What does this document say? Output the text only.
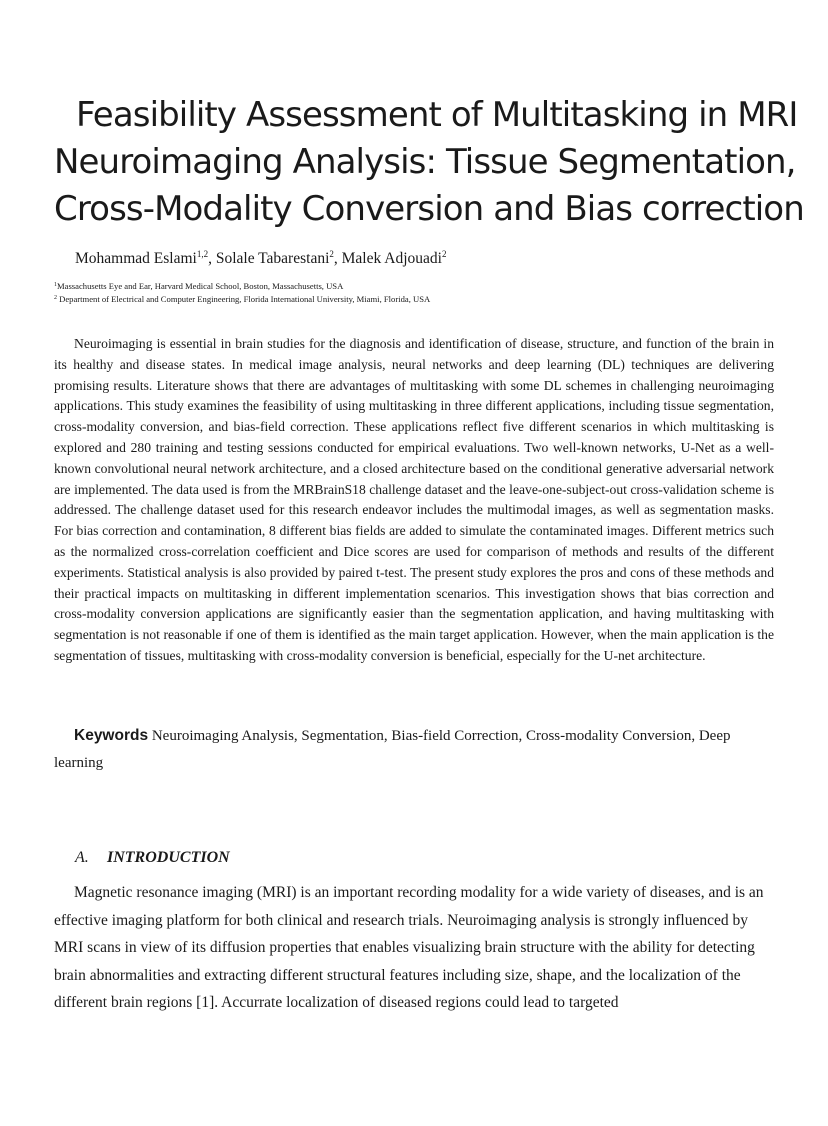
Feasibility Assessment of Multitasking in MRI
Neuroimaging Analysis: Tissue Segmentation,
Cross-Modality Conversion and Bias correction
Mohammad Eslami$^{1,2}$, Solale Tabarestani$^2$, Malek Adjouadi$^2$
$^1$Massachusetts Eye and Ear, Harvard Medical School, Boston, Massachusetts, USA
$^2$ Department of Electrical and Computer Engineering, Florida International University, Miami, Florida, USA

Neuroimaging is essential in brain studies for the diagnosis and identification of disease, structure, and function of the brain in its healthy and disease states. In medical image analysis, neural networks and deep learning (DL) techniques are delivering promising results. Literature shows that there are advantages of multitasking with some DL schemes in challenging neuroimaging applications. This study examines the feasibility of using multitasking in three different applications, including tissue segmentation, cross-modality conversion, and bias-field correction. These applications reflect five different scenarios in which multitasking is explored and 280 training and testing sessions conducted for empirical evaluations. Two well-known networks, U-Net as a well-known convolutional neural network architecture, and a closed architecture based on the conditional generative adversarial network are implemented. The data used is from the MRBrainS18 challenge dataset and the leave-one-subject-out cross-validation scheme is addressed. The challenge dataset used for this research endeavor includes the multimodal images, as well as segmentation masks. For bias correction and contamination, 8 different bias fields are added to simulate the contaminated images. Different metrics such as the normalized cross-correlation coefficient and Dice scores are used for comparison of methods and results of the different experiments. Statistical analysis is also provided by paired t-test. The present study explores the pros and cons of these methods and their practical impacts on multitasking in different implementation scenarios. This investigation shows that bias correction and cross-modality conversion applications are significantly easier than the segmentation application, and having multitasking with segmentation is not reasonable if one of them is identified as the main target application. However, when the main application is the segmentation of tissues, multitasking with cross-modality conversion is beneficial, especially for the U-net architecture.

Keywords Neuroimaging Analysis, Segmentation, Bias-field Correction, Cross-modality Conversion, Deep learning

A. INTRODUCTION

Magnetic resonance imaging (MRI) is an important recording modality for a wide variety of diseases, and is an effective imaging platform for both clinical and research trials. Neuroimaging analysis is strongly influenced by MRI scans in view of its diffusion properties that enables visualizing brain structure with the ability for detecting brain abnormalities and extracting different structural features including size, shape, and the localization of the different brain regions [1]. Accurrate localization of diseased regions could lead to targeted
